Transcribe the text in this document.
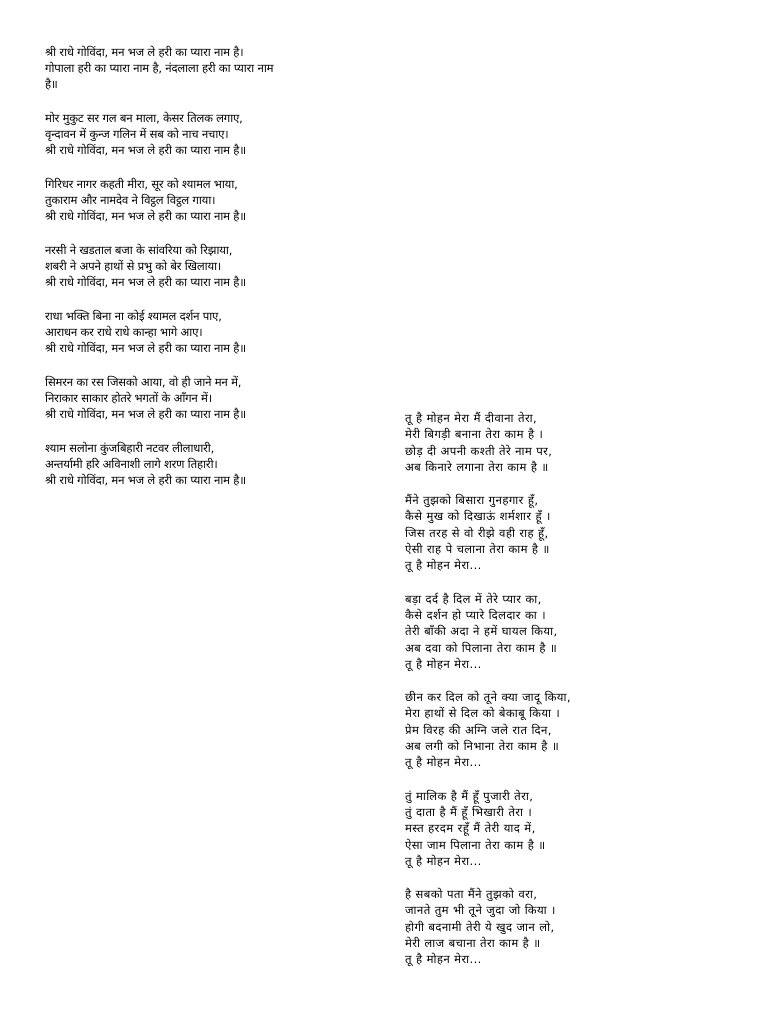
श्री राधे गोविंदा, मन भज ले हरी का प्यारा नाम है।
गोपाला हरी का प्यारा नाम है, नंदलाला हरी का प्यारा नाम
है॥
मोर मुकुट सर गल बन माला, केसर तिलक लगाए,
वृन्दावन में कुन्ज गलिन में सब को नाच नचाए।
श्री राधे गोविंदा, मन भज ले हरी का प्यारा नाम है॥
गिरिधर नागर कहती मीरा, सूर को श्यामल भाया,
तुकाराम और नामदेव ने विट्ठल विट्ठल गाया।
श्री राधे गोविंदा, मन भज ले हरी का प्यारा नाम है॥
नरसी ने खडताल बजा के सांवरिया को रिझाया,
शबरी ने अपने हाथों से प्रभु को बेर खिलाया।
श्री राधे गोविंदा, मन भज ले हरी का प्यारा नाम है॥
राधा भक्ति बिना ना कोई श्यामल दर्शन पाए,
आराधन कर राधे राधे कान्हा भागे आए।
श्री राधे गोविंदा, मन भज ले हरी का प्यारा नाम है॥
सिमरन का रस जिसको आया, वो ही जाने मन में,
निराकार साकार होतरे भगतों के आँगन में।
श्री राधे गोविंदा, मन भज ले हरी का प्यारा नाम है॥
श्याम सलोना कुंजबिहारी नटवर लीलाधारी,
अन्तर्यामी हरि अविनाशी लागे शरण तिहारी।
श्री राधे गोविंदा, मन भज ले हरी का प्यारा नाम है॥
तू है मोहन मेरा मैं दीवाना तेरा,
मेरी बिगड़ी बनाना तेरा काम है ।
छोड़ दी अपनी कश्ती तेरे नाम पर,
अब किनारे लगाना तेरा काम है ॥
मैंने तुझको बिसारा गुनहगार हूँ,
कैसे मुख को दिखाऊं शर्मशार हूँ ।
जिस तरह से वो रीझे वही राह हूँ,
ऐसी राह पे चलाना तेरा काम है ॥
तू है मोहन मेरा...
बड़ा दर्द है दिल में तेरे प्यार का,
कैसे दर्शन हो प्यारे दिलदार का ।
तेरी बाँकी अदा ने हमें घायल किया,
अब दवा को पिलाना तेरा काम है ॥
तू है मोहन मेरा...
छीन कर दिल को तूने क्या जादू किया,
मेरा हाथों से दिल को बेकाबू किया ।
प्रेम विरह की अग्नि जले रात दिन,
अब लगी को निभाना तेरा काम है ॥
तू है मोहन मेरा...
तुं मालिक है मैं हूँ पुजारी तेरा,
तुं दाता है मैं हूँ भिखारी तेरा ।
मस्त हरदम रहूँ मैं तेरी याद में,
ऐसा जाम पिलाना तेरा काम है ॥
तू है मोहन मेरा...
है सबको पता मैंने तुझको वरा,
जानते तुम भी तूने जुदा जो किया ।
होगी बदनामी तेरी ये खुद जान लो,
मेरी लाज बचाना तेरा काम है ॥
तू है मोहन मेरा...
